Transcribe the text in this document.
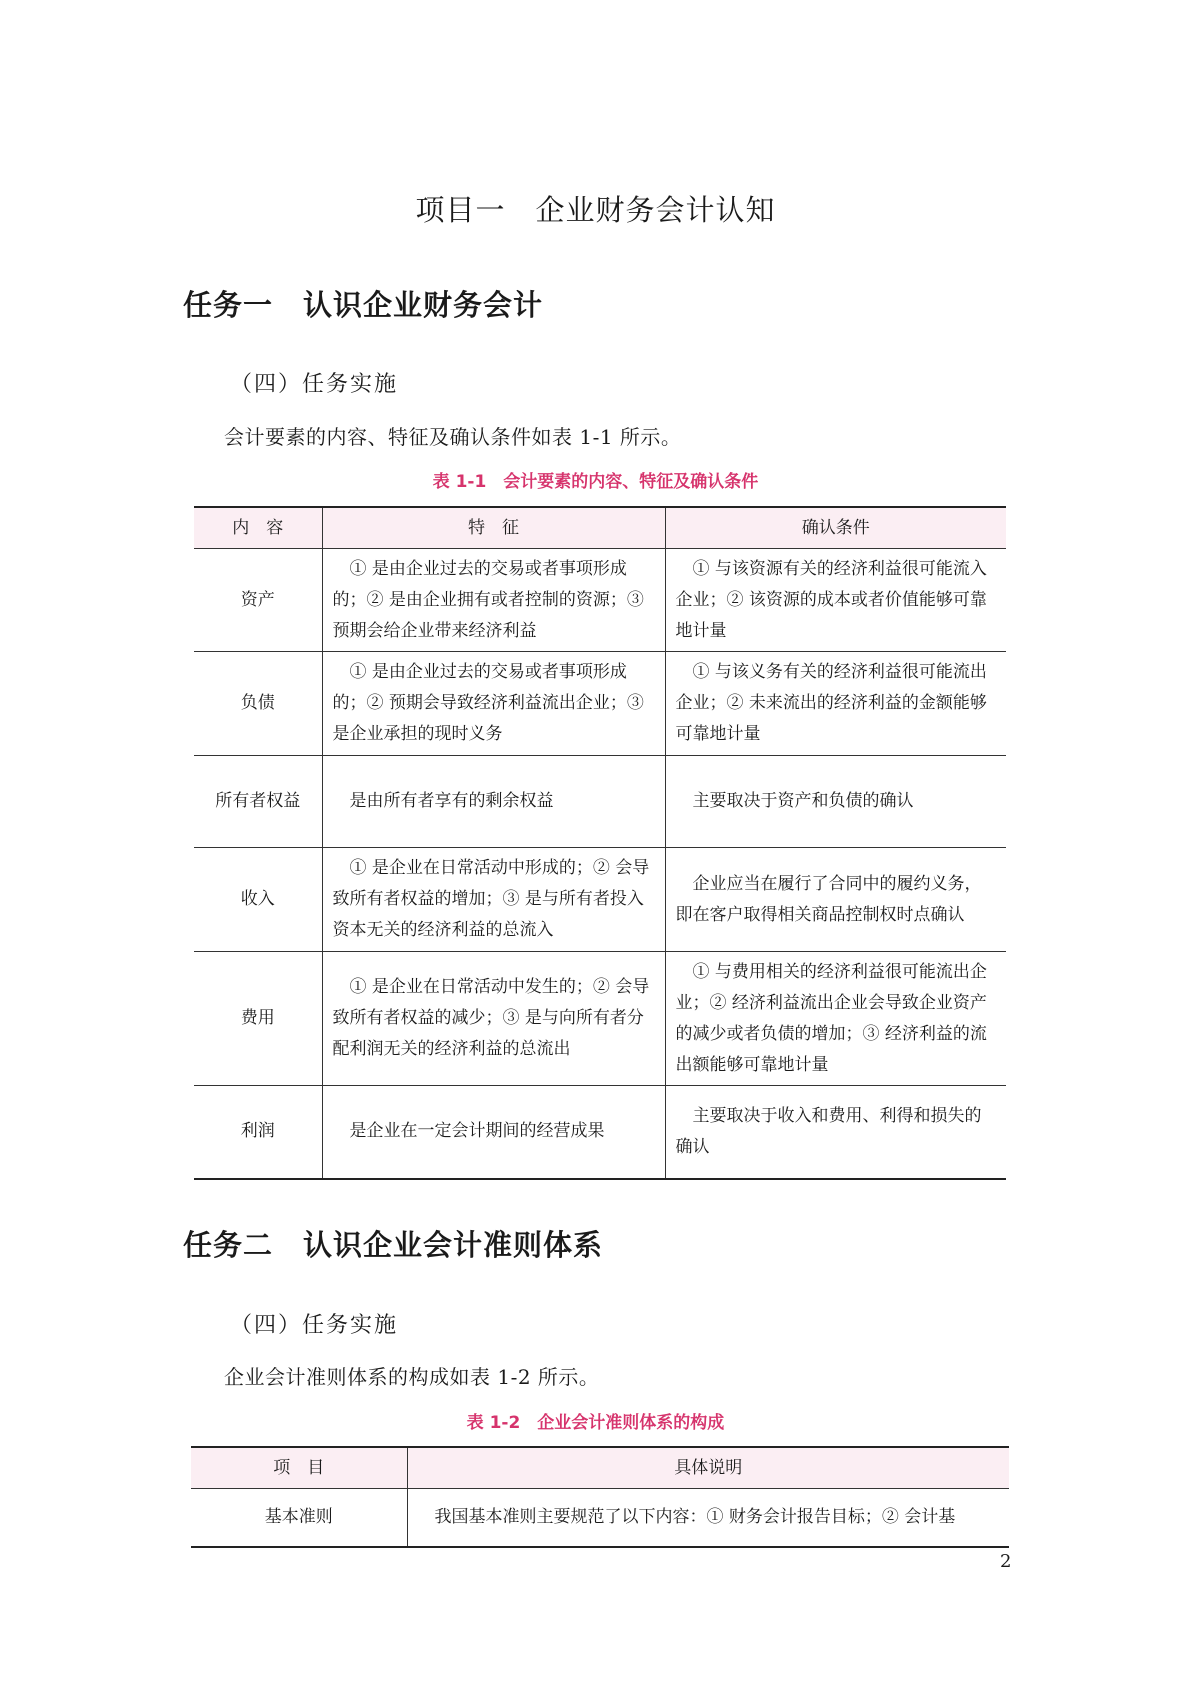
项目一　企业财务会计认知
任务一　认识企业财务会计
（四）任务实施
会计要素的内容、特征及确认条件如表 1-1 所示。
表 1-1　会计要素的内容、特征及确认条件
内　容	特　征	确认条件
资产	① 是由企业过去的交易或者事项形成的；② 是由企业拥有或者控制的资源；③ 预期会给企业带来经济利益	① 与该资源有关的经济利益很可能流入企业；② 该资源的成本或者价值能够可靠地计量
负债	① 是由企业过去的交易或者事项形成的；② 预期会导致经济利益流出企业；③ 是企业承担的现时义务	① 与该义务有关的经济利益很可能流出企业；② 未来流出的经济利益的金额能够可靠地计量
所有者权益	是由所有者享有的剩余权益	主要取决于资产和负债的确认
收入	① 是企业在日常活动中形成的；② 会导致所有者权益的增加；③ 是与所有者投入资本无关的经济利益的总流入	企业应当在履行了合同中的履约义务，即在客户取得相关商品控制权时点确认
费用	① 是企业在日常活动中发生的；② 会导致所有者权益的减少；③ 是与向所有者分配利润无关的经济利益的总流出	① 与费用相关的经济利益很可能流出企业；② 经济利益流出企业会导致企业资产的减少或者负债的增加；③ 经济利益的流出额能够可靠地计量
利润	是企业在一定会计期间的经营成果	主要取决于收入和费用、利得和损失的确认
任务二　认识企业会计准则体系
（四）任务实施
企业会计准则体系的构成如表 1-2 所示。
表 1-2　企业会计准则体系的构成
项　目	具体说明
基本准则	我国基本准则主要规范了以下内容：① 财务会计报告目标；② 会计基
2
